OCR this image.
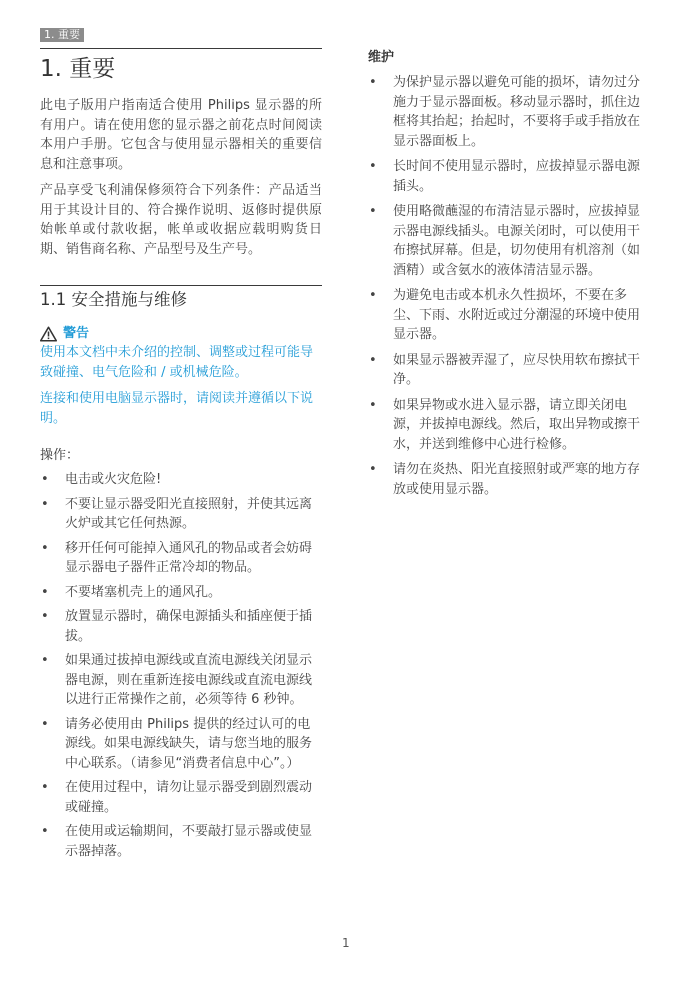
1. 重要
1. 重要

此电子版用户指南适合使用 Philips 显示器的所有用户。请在使用您的显示器之前花点时间阅读本用户手册。它包含与使用显示器相关的重要信息和注意事项。

产品享受飞利浦保修须符合下列条件：产品适当用于其设计目的、符合操作说明、返修时提供原始帐单或付款收据，帐单或收据应载明购货日期、销售商名称、产品型号及生产号。

1.1 安全措施与维修
警告

使用本文档中未介绍的控制、调整或过程可能导致碰撞、电气危险和 / 或机械危险。

连接和使用电脑显示器时，请阅读并遵循以下说明。

操作：

• 电击或火灾危险!
• 不要让显示器受阳光直接照射，并使其远离火炉或其它任何热源。
• 移开任何可能掉入通风孔的物品或者会妨碍显示器电子器件正常冷却的物品。
• 不要堵塞机壳上的通风孔。
• 放置显示器时，确保电源插头和插座便于插拔。
• 如果通过拔掉电源线或直流电源线关闭显示器电源，则在重新连接电源线或直流电源线以进行正常操作之前，必须等待 6 秒钟。
• 请务必使用由 Philips 提供的经过认可的电源线。如果电源线缺失，请与您当地的服务中心联系。（请参见“消费者信息中心”。）
• 在使用过程中，请勿让显示器受到剧烈震动或碰撞。
• 在使用或运输期间，不要敲打显示器或使显示器掉落。

维护

• 为保护显示器以避免可能的损坏，请勿过分施力于显示器面板。移动显示器时，抓住边框将其抬起；抬起时，不要将手或手指放在显示器面板上。
• 长时间不使用显示器时，应拔掉显示器电源插头。
• 使用略微蘸湿的布清洁显示器时，应拔掉显示器电源线插头。电源关闭时，可以使用干布擦拭屏幕。但是，切勿使用有机溶剂（如酒精）或含氨水的液体清洁显示器。
• 为避免电击或本机永久性损坏，不要在多尘、下雨、水附近或过分潮湿的环境中使用显示器。
• 如果显示器被弄湿了，应尽快用软布擦拭干净。
• 如果异物或水进入显示器，请立即关闭电源，并拔掉电源线。然后，取出异物或擦干水，并送到维修中心进行检修。
• 请勿在炎热、阳光直接照射或严寒的地方存放或使用显示器。
1
